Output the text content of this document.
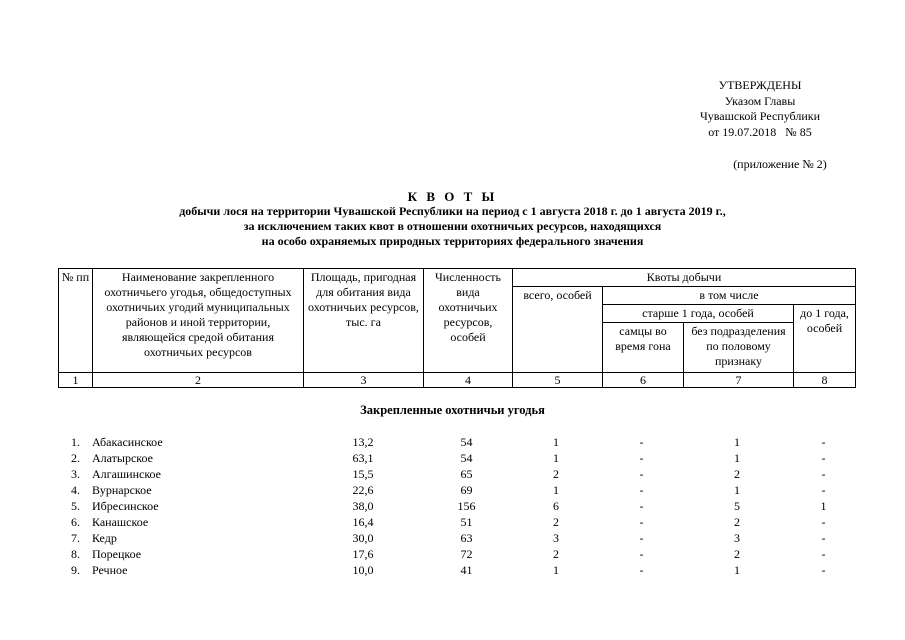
УТВЕРЖДЕНЫ
Указом Главы
Чувашской Республики
от 19.07.2018   № 85
(приложение № 2)
К В О Т Ы
добычи лося на территории Чувашской Республики на период с 1 августа 2018 г. до 1 августа 2019 г.,
за исключением таких квот в отношении охотничьих ресурсов, находящихся
на особо охраняемых природных территориях федерального значения
№ пп	Наименование закрепленного охотничьего угодья, общедоступных охотничьих угодий муниципальных районов и иной территории, являющейся средой обитания охотничьих ресурсов	Площадь, пригодная для обитания вида охотничьих ресурсов, тыс. га	Численность вида охотничьих ресурсов, особей	Квоты добычи			
				всего, особей	в том числе		
					старше 1 года, особей		до 1 года, особей
					самцы во время гона	без подразделения по половому признаку	
1	2	3	4	5	6	7	8
Закрепленные охотничьи угодья
1. Абакасинское	13,2	54	1	-	1	-
2. Алатырское	63,1	54	1	-	1	-
3. Алгашинское	15,5	65	2	-	2	-
4. Вурнарское	22,6	69	1	-	1	-
5. Ибресинское	38,0	156	6	-	5	1
6. Канашское	16,4	51	2	-	2	-
7. Кедр	30,0	63	3	-	3	-
8. Порецкое	17,6	72	2	-	2	-
9. Речное	10,0	41	1	-	1	-
